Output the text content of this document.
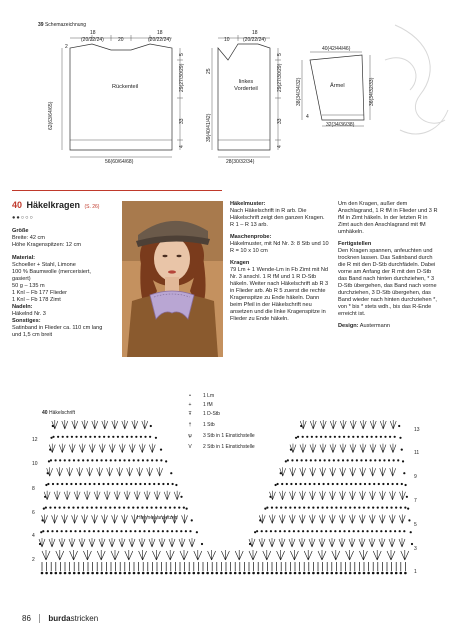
39 Schemazeichnung
18
(20/22/24)	20
18
(20/22/24)
2
Rückenteil
62(63/64/65)
5
29(27/30/29)
33
4
56(60/64/68)
10
18
(20/22/24)
linkes Vorderteil
25
39(40/41/42)
5
29(27/30/29)
33
4
28(30/32/34)
40(42/44/46)
Ärmel
38(34/34/32)	36(34/32/33)
4
32(34/36/38)
40 Häkelkragen (S. 26)
●●○○○
Größe
Breite: 42 cm
Höhe Kragenspitzen: 12 cm
Material:
Schoeller + Stahl, Limone
100 % Baumwolle (mercerisiert,
gasiert)
50 g – 135 m
1 Knl – Fb 177 Flieder
1 Knl – Fb 178 Zimt
Nadeln:
Häkelnd Nr. 3
Sonstiges:
Satinband in Flieder ca. 110 cm lang
und 1,5 cm breit
Häkelmuster:
Nach Häkelschrift in R arb. Die Häkelschrift zeigt den ganzen Kragen. R 1 – R 13 arb.
Maschenprobe:
Häkelmuster, mit Nd Nr. 3: 8 Stb und 10 R = 10 x 10 cm
Kragen
79 Lm + 1 Wende-Lm in Fb Zimt mit Nd Nr. 3 anschl. 1 R fM und 1 R D-Stb häkeln. Weiter nach Häkelschrift ab R 3 in Flieder arb. Ab R 5 zuerst die rechte Kragenspitze zu Ende häkeln. Dann beim Pfeil in der Häkelschrift neu ansetzen und die linke Kragenspitze in Flieder zu Ende häkeln.
Um den Kragen, außer dem Anschlagrand, 1 R fM in Flieder und 3 R fM in Zimt häkeln. In der letzten R in Zimt auch den Anschlagrand mit fM umhäkeln.
Fertigstellen
Den Kragen spannen, anfeuchten und trocknen lassen. Das Satinband durch die R mit den D-Stb durchfädeln. Dabei vorne am Anfang der R mit den D-Stb das Band nach hinten durchziehen, * 3 D-Stb übergehen, das Band nach vorne durchziehen, 3 D-Stb übergehen, das Band wieder nach hinten durchziehen *, von * bis * stets wdh., bis das R-Ende erreicht ist.
Design: Austermann
40 Häkelschrift
•	1 Lm
+	1 fM
Ŧ	1 D-Stb
†	1 Stb
ѱ	3 Stb in 1 Einstichstelle
V	2 Stb in 1 Einstichstelle
Hier neu ansetzen
12
10
8
6
4
2
13
11
9
7
5
3
1
86 burdastricken
